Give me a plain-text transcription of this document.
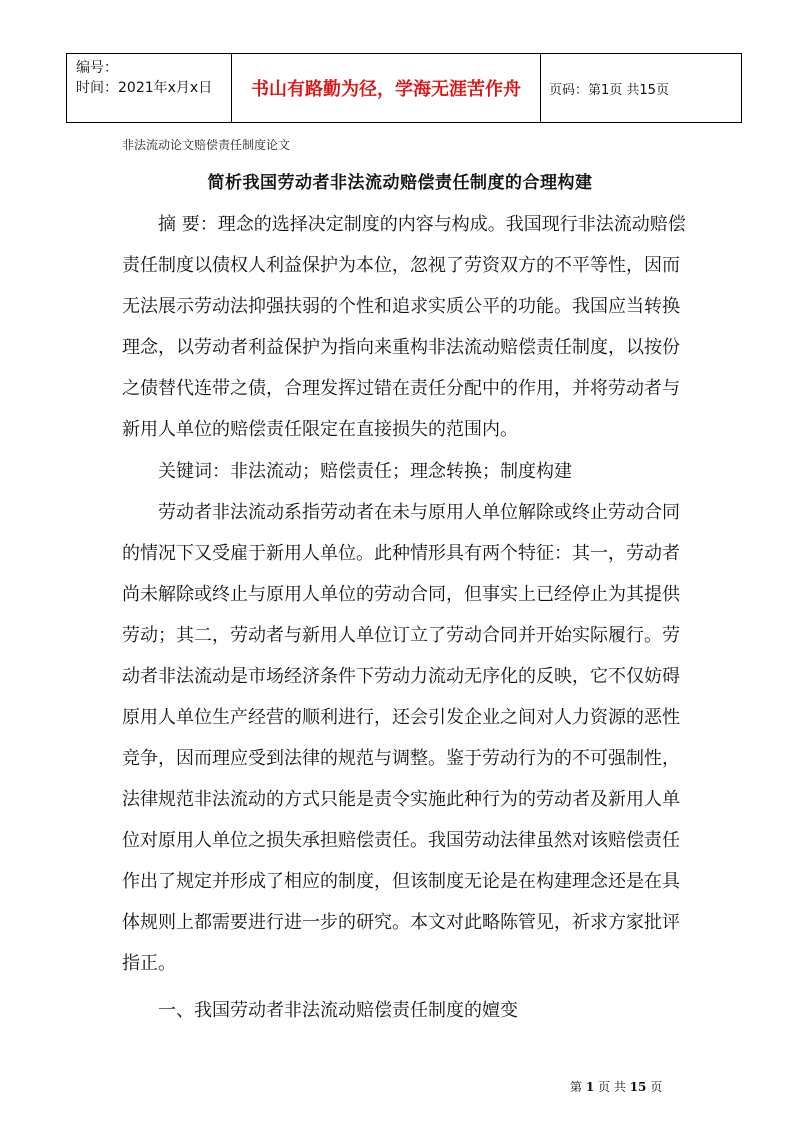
编号：
时间：2021年x月x日	书山有路勤为径，学海无涯苦作舟 页码：第1页 共15页
非法流动论文赔偿责任制度论文
简析我国劳动者非法流动赔偿责任制度的合理构建

摘 要：理念的选择决定制度的内容与构成。我国现行非法流动赔偿责任制度以债权人利益保护为本位，忽视了劳资双方的不平等性，因而无法展示劳动法抑强扶弱的个性和追求实质公平的功能。我国应当转换理念，以劳动者利益保护为指向来重构非法流动赔偿责任制度，以按份之债替代连带之债，合理发挥过错在责任分配中的作用，并将劳动者与新用人单位的赔偿责任限定在直接损失的范围内。

关键词：非法流动；赔偿责任；理念转换；制度构建

劳动者非法流动系指劳动者在未与原用人单位解除或终止劳动合同的情况下又受雇于新用人单位。此种情形具有两个特征：其一，劳动者尚未解除或终止与原用人单位的劳动合同，但事实上已经停止为其提供劳动；其二，劳动者与新用人单位订立了劳动合同并开始实际履行。劳动者非法流动是市场经济条件下劳动力流动无序化的反映，它不仅妨碍原用人单位生产经营的顺利进行，还会引发企业之间对人力资源的恶性竞争，因而理应受到法律的规范与调整。鉴于劳动行为的不可强制性，法律规范非法流动的方式只能是责令实施此种行为的劳动者及新用人单位对原用人单位之损失承担赔偿责任。我国劳动法律虽然对该赔偿责任作出了规定并形成了相应的制度，但该制度无论是在构建理念还是在具体规则上都需要进行进一步的研究。本文对此略陈管见，祈求方家批评指正。

一、我国劳动者非法流动赔偿责任制度的嬗变

第 1 页 共 15 页
